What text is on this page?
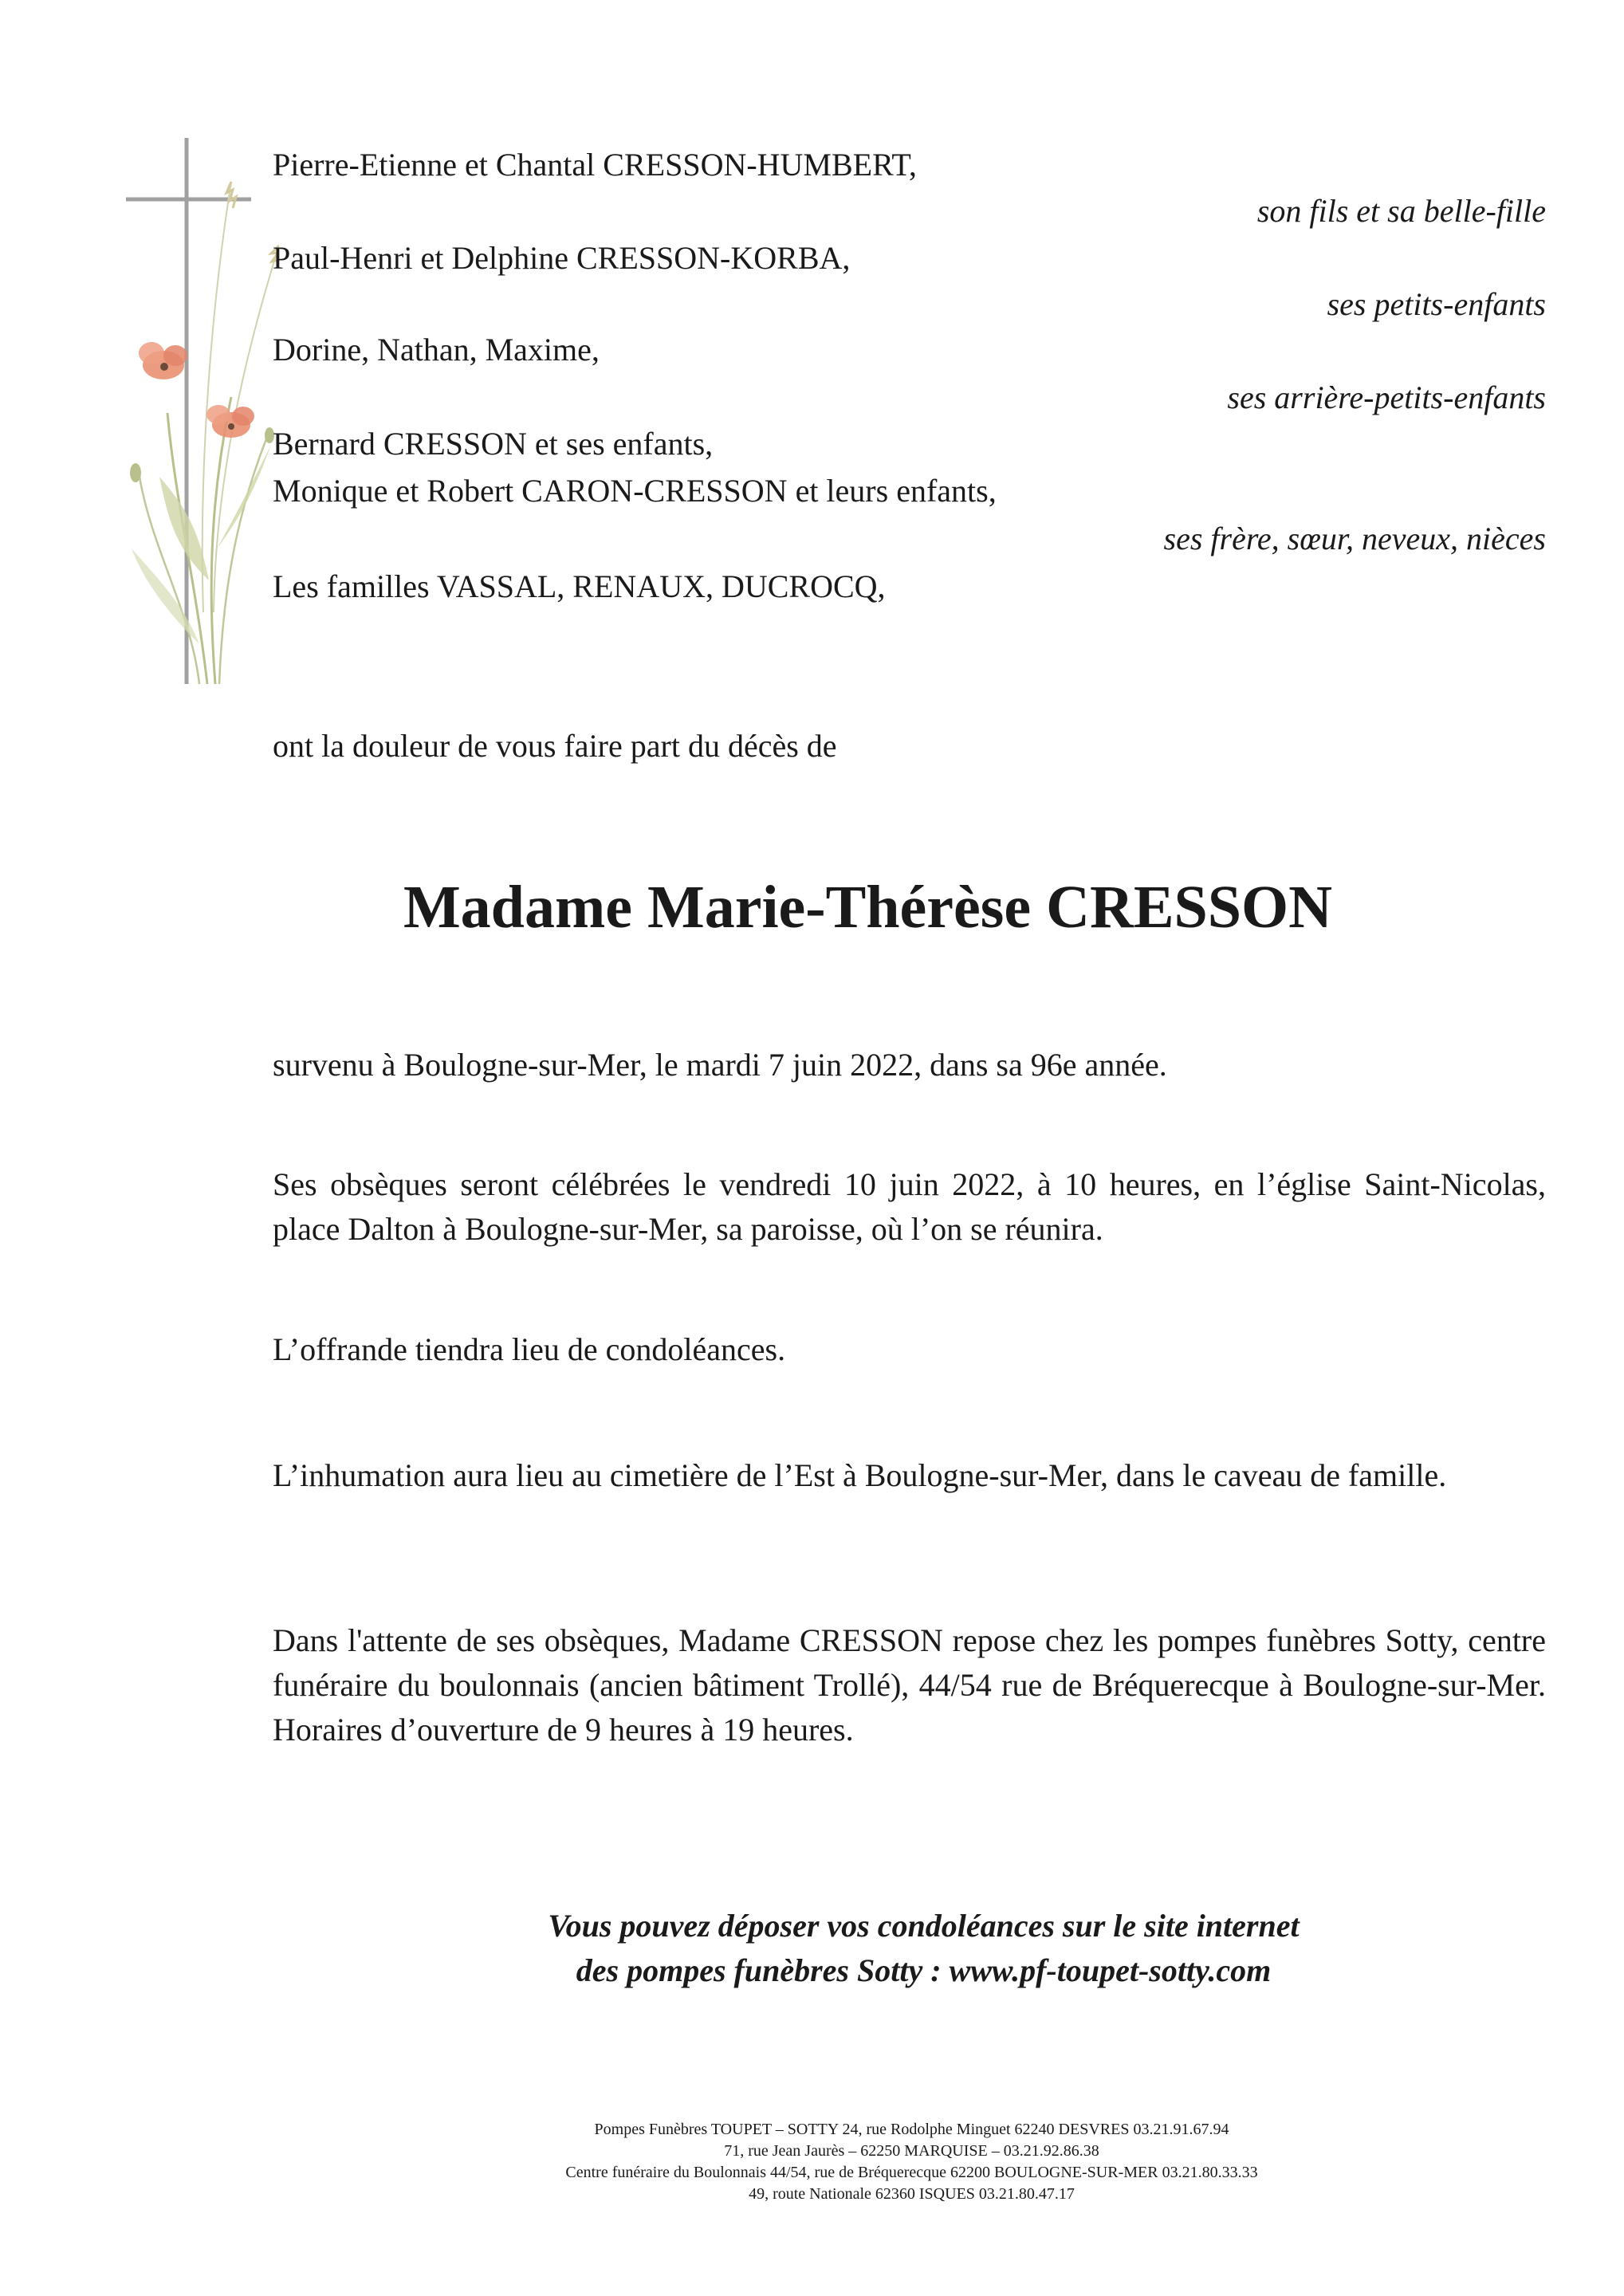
Pierre-Etienne et Chantal CRESSON-HUMBERT,
Paul-Henri et Delphine CRESSON-KORBA,
Dorine, Nathan, Maxime,
Bernard CRESSON et ses enfants,
Monique et Robert CARON-CRESSON et leurs enfants,
Les familles VASSAL, RENAUX, DUCROCQ,
son fils et sa belle-fille
ses petits-enfants
ses arrière-petits-enfants
ses frère, sœur, neveux, nièces
ont la douleur de vous faire part du décès de
Madame Marie-Thérèse CRESSON
survenu à Boulogne-sur-Mer, le mardi 7 juin 2022, dans sa 96e année.
Ses obsèques seront célébrées le vendredi 10 juin 2022, à 10 heures, en l’église Saint-Nicolas, place Dalton à Boulogne-sur-Mer, sa paroisse, où l’on se réunira.
L’offrande tiendra lieu de condoléances.
L’inhumation aura lieu au cimetière de l’Est à Boulogne-sur-Mer, dans le caveau de famille.
Dans l'attente de ses obsèques, Madame CRESSON repose chez les pompes funèbres Sotty, centre funéraire du boulonnais (ancien bâtiment Trollé), 44/54 rue de Bréquerecque à Boulogne-sur-Mer. Horaires d’ouverture de 9 heures à 19 heures.
Vous pouvez déposer vos condoléances sur le site internet
des pompes funèbres Sotty : www.pf-toupet-sotty.com
Pompes Funèbres TOUPET – SOTTY 24, rue Rodolphe Minguet 62240 DESVRES 03.21.91.67.94
71, rue Jean Jaurès – 62250 MARQUISE – 03.21.92.86.38
Centre funéraire du Boulonnais 44/54, rue de Bréquerecque 62200 BOULOGNE-SUR-MER 03.21.80.33.33
49, route Nationale 62360 ISQUES 03.21.80.47.17
